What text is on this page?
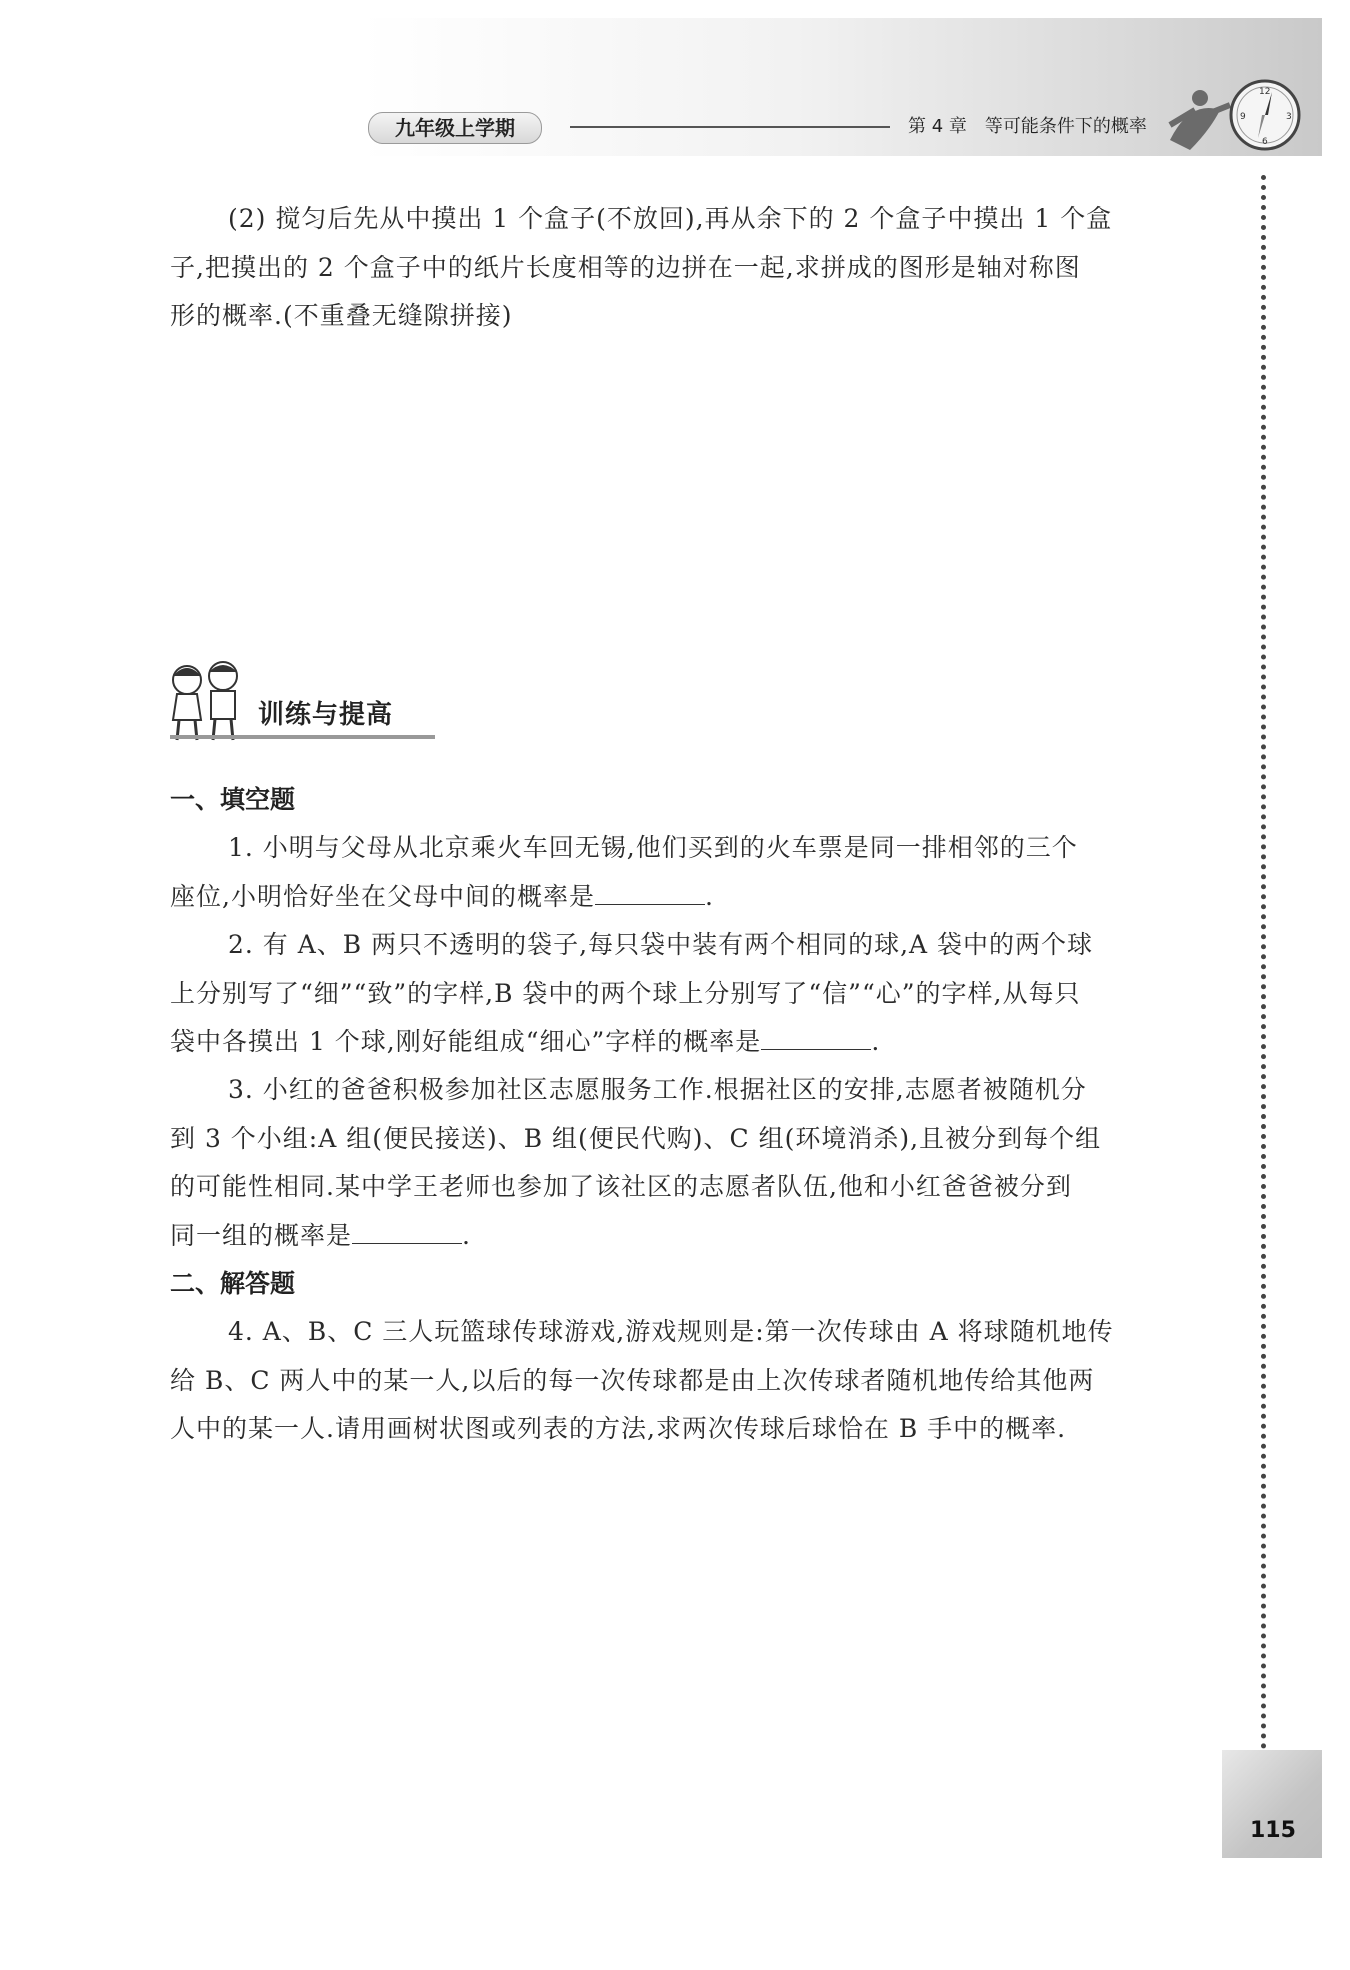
九年级上学期	第 4 章 等可能条件下的概率
12
3
6
9

(2) 搅匀后先从中摸出 1 个盒子(不放回),再从余下的 2 个盒子中摸出 1 个盒

子,把摸出的 2 个盒子中的纸片长度相等的边拼在一起,求拼成的图形是轴对称图

形的概率.(不重叠无缝隙拼接)

训练与提高
一、填空题

1. 小明与父母从北京乘火车回无锡,他们买到的火车票是同一排相邻的三个

座位,小明恰好坐在父母中间的概率是	.

2. 有 A、B 两只不透明的袋子,每只袋中装有两个相同的球,A 袋中的两个球

上分别写了“细”“致”的字样,B 袋中的两个球上分别写了“信”“心”的字样,从每只

袋中各摸出 1 个球,刚好能组成“细心”字样的概率是	.

3. 小红的爸爸积极参加社区志愿服务工作.根据社区的安排,志愿者被随机分

到 3 个小组:A 组(便民接送)、B 组(便民代购)、C 组(环境消杀),且被分到每个组

的可能性相同.某中学王老师也参加了该社区的志愿者队伍,他和小红爸爸被分到

同一组的概率是	.

二、解答题

4. A、B、C 三人玩篮球传球游戏,游戏规则是:第一次传球由 A 将球随机地传

给 B、C 两人中的某一人,以后的每一次传球都是由上次传球者随机地传给其他两

人中的某一人.请用画树状图或列表的方法,求两次传球后球恰在 B 手中的概率.

115
